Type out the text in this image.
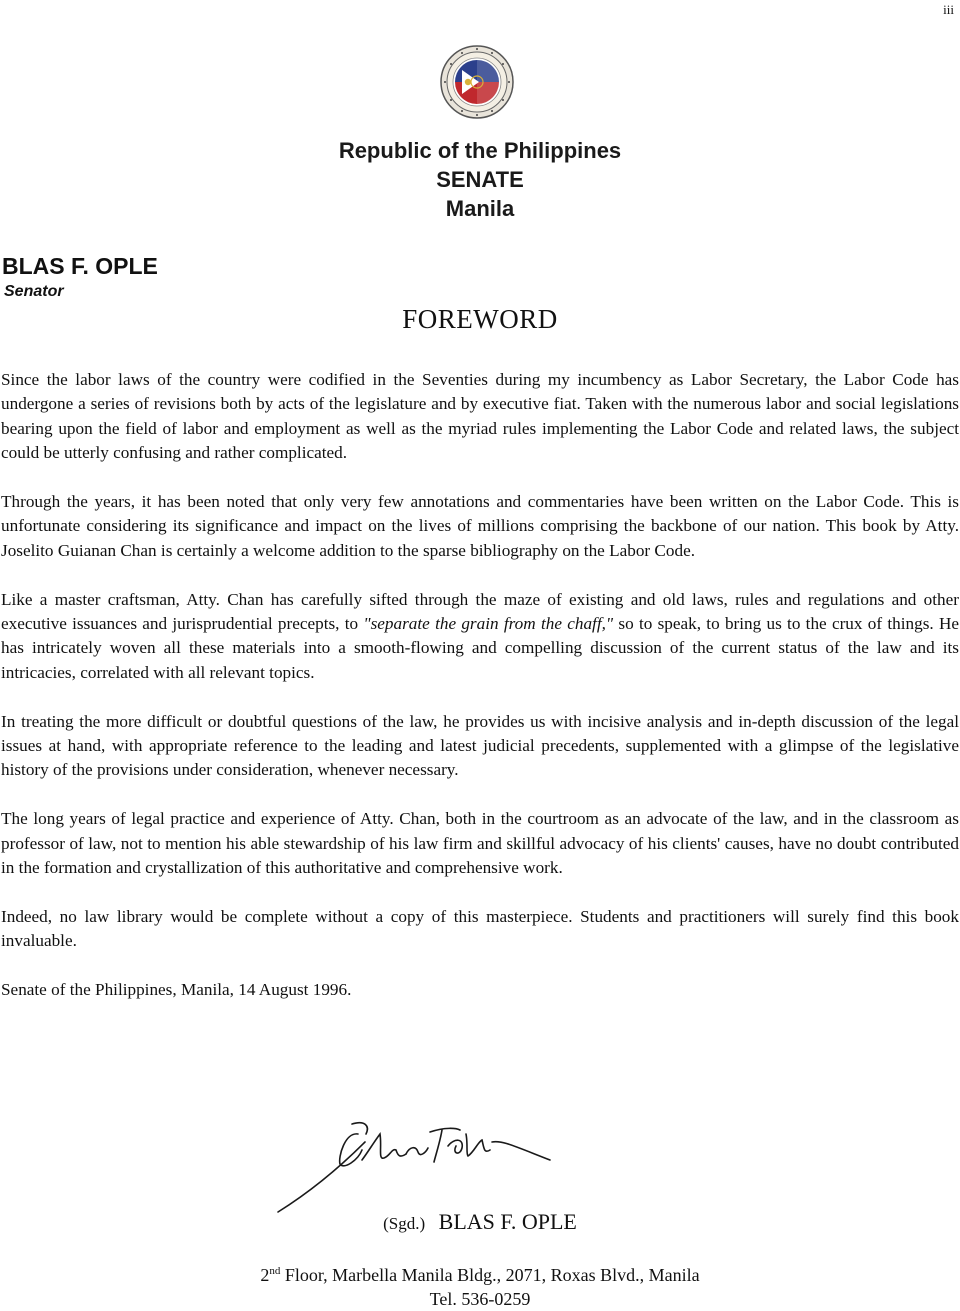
iii
Republic of the Philippines
SENATE
Manila
BLAS F. OPLE
Senator
FOREWORD

Since the labor laws of the country were codified in the Seventies during my incumbency as Labor Secretary, the Labor Code has undergone a series of revisions both by acts of the legislature and by executive fiat. Taken with the numerous labor and social legislations bearing upon the field of labor and employment as well as the myriad rules implementing the Labor Code and related laws, the subject could be utterly confusing and rather complicated.

Through the years, it has been noted that only very few annotations and commentaries have been written on the Labor Code. This is unfortunate considering its significance and impact on the lives of millions comprising the backbone of our nation. This book by Atty. Joselito Guianan Chan is certainly a welcome addition to the sparse bibliography on the Labor Code.

Like a master craftsman, Atty. Chan has carefully sifted through the maze of existing and old laws, rules and regulations and other executive issuances and jurisprudential precepts, to "separate the grain from the chaff," so to speak, to bring us to the crux of things. He has intricately woven all these materials into a smooth-flowing and compelling discussion of the current status of the law and its intricacies, correlated with all relevant topics.

In treating the more difficult or doubtful questions of the law, he provides us with incisive analysis and in-depth discussion of the legal issues at hand, with appropriate reference to the leading and latest judicial precedents, supplemented with a glimpse of the legislative history of the provisions under consideration, whenever necessary.

The long years of legal practice and experience of Atty. Chan, both in the courtroom as an advocate of the law, and in the classroom as professor of law, not to mention his able stewardship of his law firm and skillful advocacy of his clients' causes, have no doubt contributed in the formation and crystallization of this authoritative and comprehensive work.

Indeed, no law library would be complete without a copy of this masterpiece. Students and practitioners will surely find this book invaluable.

Senate of the Philippines, Manila, 14 August 1996.

(Sgd.) BLAS F. OPLE
2nd Floor, Marbella Manila Bldg., 2071, Roxas Blvd., Manila
Tel. 536-0259
